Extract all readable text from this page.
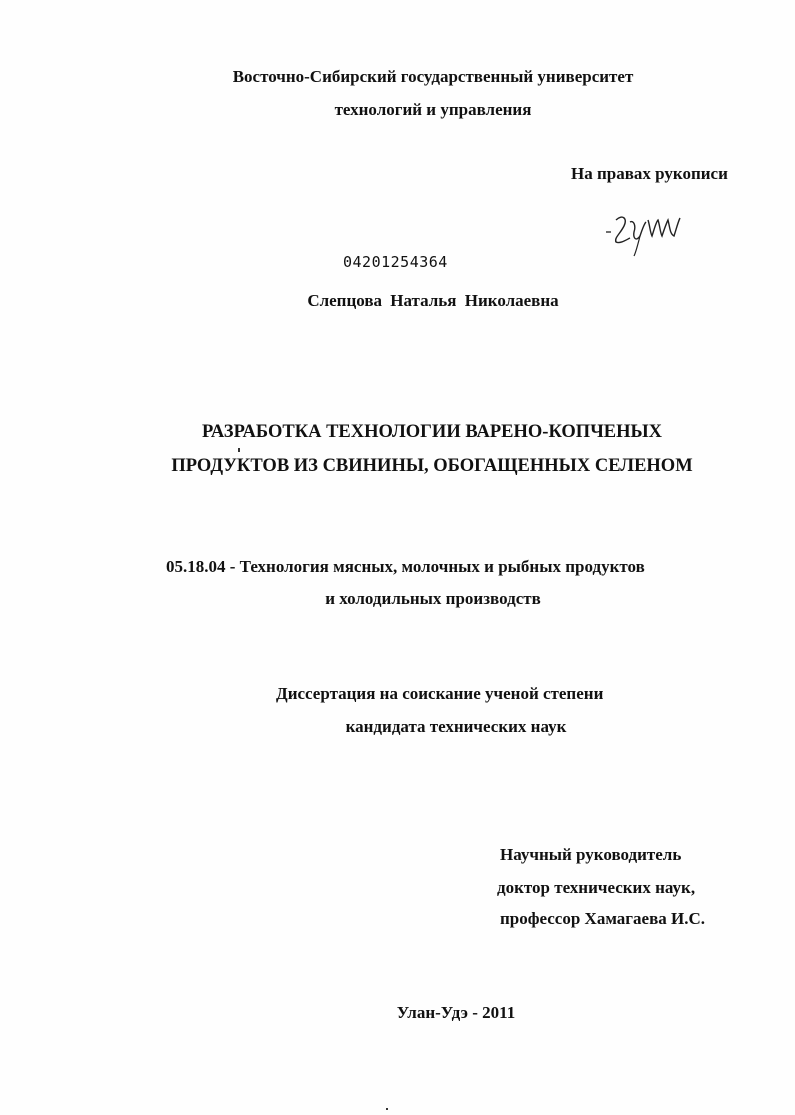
Восточно-Сибирский государственный университет
технологий и управления
На правах рукописи
04201254364
Слепцова Наталья Николаевна
РАЗРАБОТКА ТЕХНОЛОГИИ ВАРЕНО-КОПЧЕНЫХ
ПРОДУКТОВ ИЗ СВИНИНЫ, ОБОГАЩЕННЫХ СЕЛЕНОМ
05.18.04 - Технология мясных, молочных и рыбных продуктов
и холодильных производств
Диссертация на соискание ученой степени
кандидата технических наук
Научный руководитель
доктор технических наук,
профессор Хамагаева И.С.
Улан-Удэ - 2011
